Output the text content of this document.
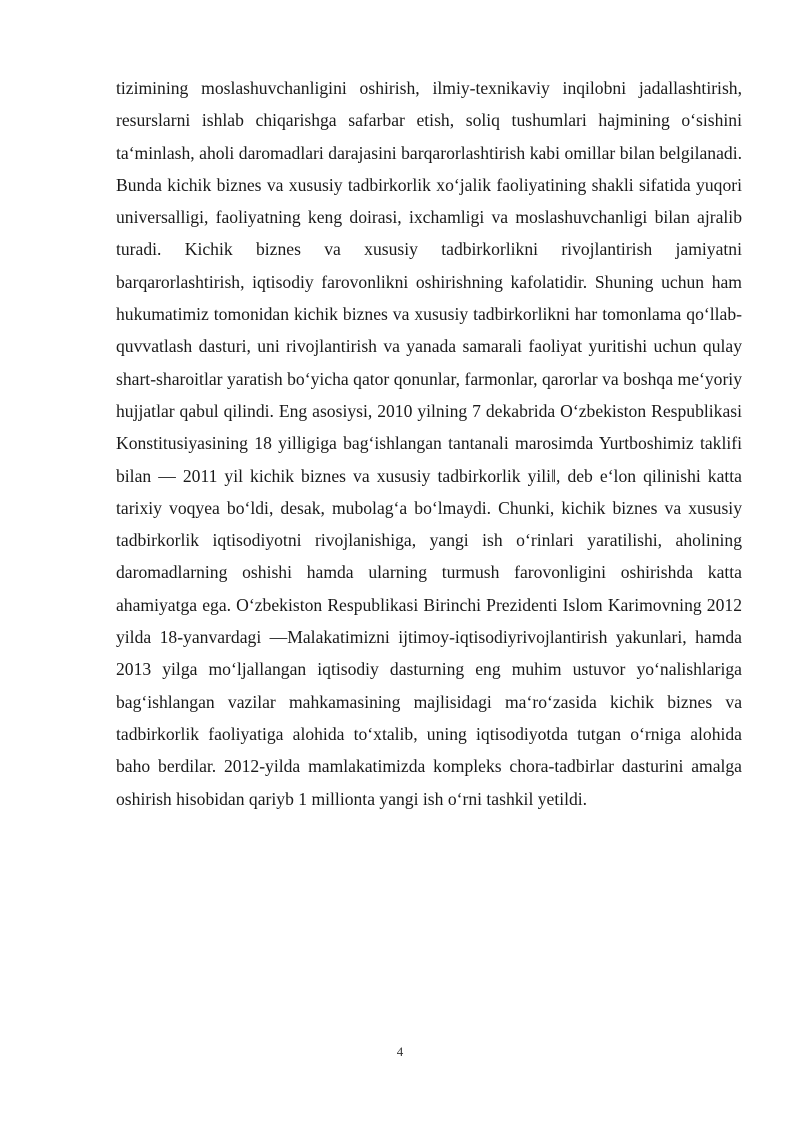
tizimining moslashuvchanligini oshirish, ilmiy-texnikaviy inqilobni jadallashtirish, resurslarni ishlab chiqarishga safarbar etish, soliq tushumlari hajmining o‘sishini ta‘minlash, aholi daromadlari darajasini barqarorlashtirish kabi omillar bilan belgilanadi. Bunda kichik biznes va xususiy tadbirkorlik xo‘jalik faoliyatining shakli sifatida yuqori universalligi, faoliyatning keng doirasi, ixchamligi va moslashuvchanligi bilan ajralib turadi. Kichik biznes va xususiy tadbirkorlikni rivojlantirish jamiyatni barqarorlashtirish, iqtisodiy farovonlikni oshirishning kafolatidir. Shuning uchun ham hukumatimiz tomonidan kichik biznes va xususiy tadbirkorlikni har tomonlama qo‘llab-quvvatlash dasturi, uni rivojlantirish va yanada samarali faoliyat yuritishi uchun qulay shart-sharoitlar yaratish bo‘yicha qator qonunlar, farmonlar, qarorlar va boshqa me‘yoriy hujjatlar qabul qilindi. Eng asosiysi, 2010 yilning 7 dekabrida O‘zbekiston Respublikasi Konstitusiyasining 18 yilligiga bag‘ishlangan tantanali marosimda Yurtboshimiz taklifi bilan — 2011 yil kichik biznes va xususiy tadbirkorlik yili‖, deb e‘lon qilinishi katta tarixiy voqyea bo‘ldi, desak, mubolag‘a bo‘lmaydi. Chunki, kichik biznes va xususiy tadbirkorlik iqtisodiyotni rivojlanishiga, yangi ish o‘rinlari yaratilishi, aholining daromadlarning oshishi hamda ularning turmush farovonligini oshirishda katta ahamiyatga ega. O‘zbekiston Respublikasi Birinchi Prezidenti Islom Karimovning 2012 yilda 18-yanvardagi —Malakatimizni ijtimoy-iqtisodiyrivojlantirish yakunlari, hamda 2013 yilga mo‘ljallangan iqtisodiy dasturning eng muhim ustuvor yo‘nalishlariga bag‘ishlangan vazilar mahkamasining majlisidagi ma‘ro‘zasida kichik biznes va tadbirkorlik faoliyatiga alohida to‘xtalib, uning iqtisodiyotda tutgan o‘rniga alohida baho berdilar. 2012-yilda mamlakatimizda kompleks chora-tadbirlar dasturini amalga oshirish hisobidan qariyb 1 millionta yangi ish o‘rni tashkil yetildi.

4
